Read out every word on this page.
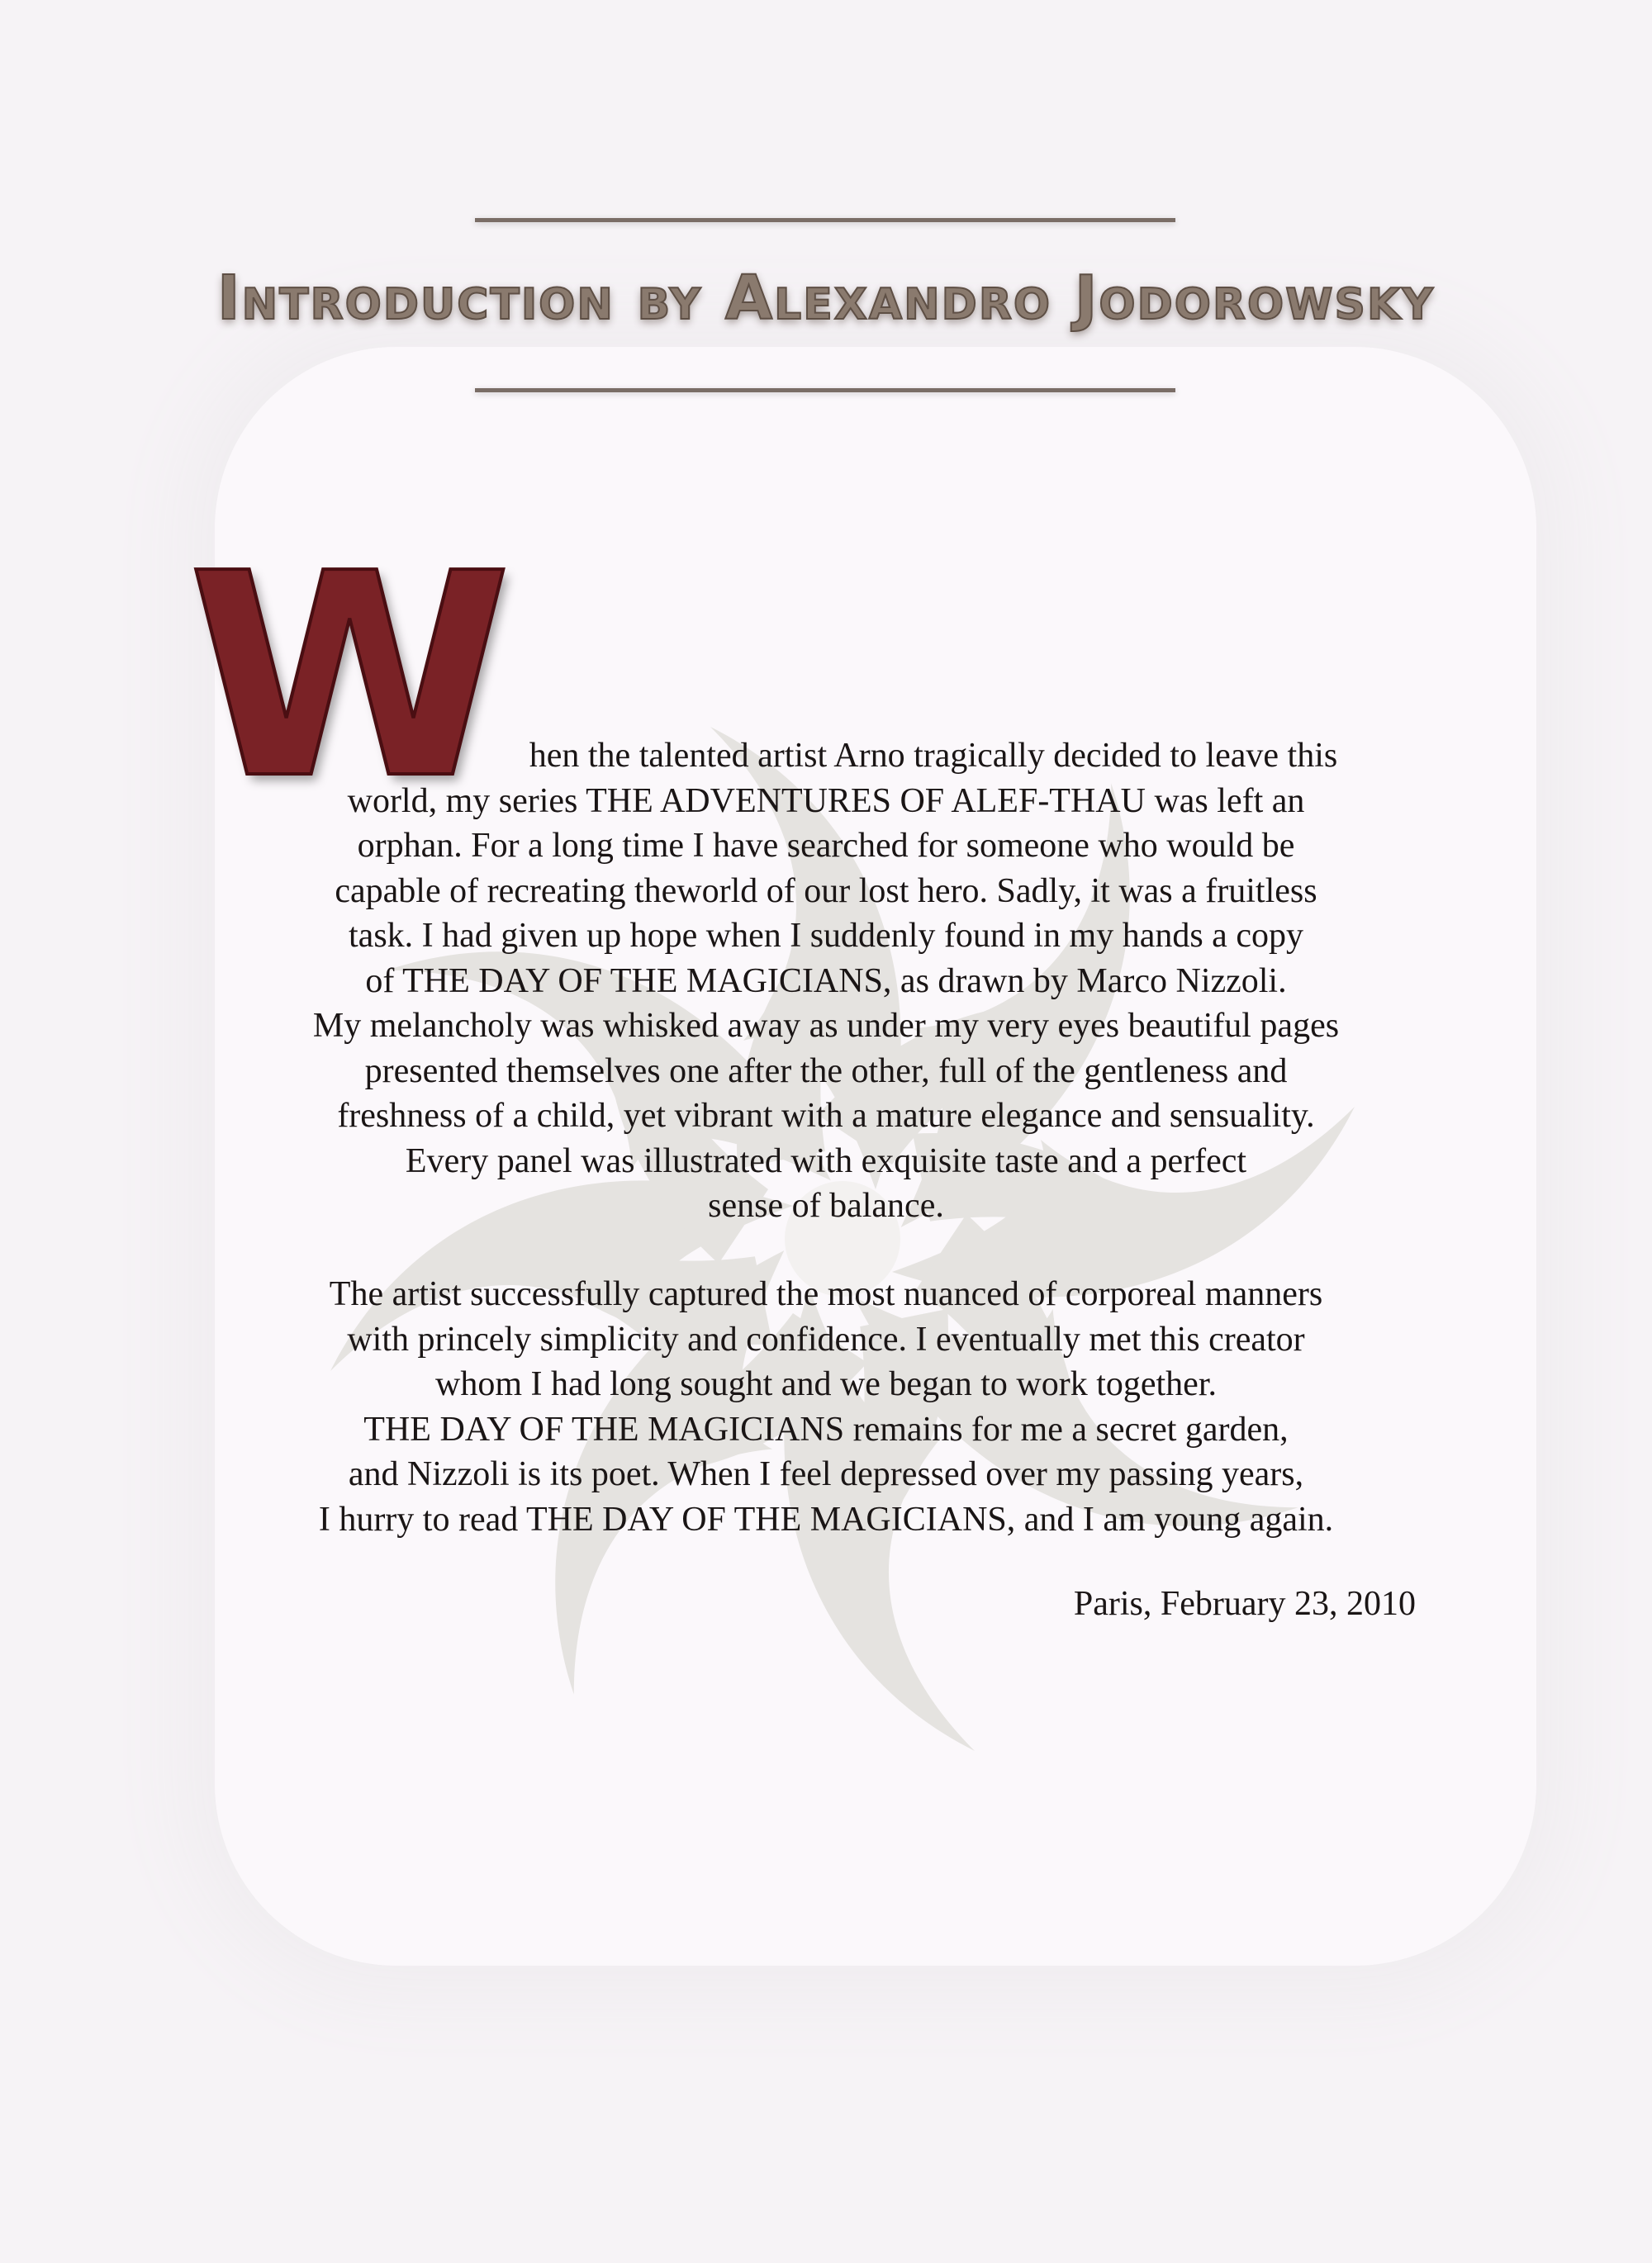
Introduction by Alexandro Jodorowsky
W hen the talented artist Arno tragically decided to leave this
world, my series THE ADVENTURES OF ALEF-THAU was left an
orphan. For a long time I have searched for someone who would be
capable of recreating theworld of our lost hero. Sadly, it was a fruitless
task. I had given up hope when I suddenly found in my hands a copy
of THE DAY OF THE MAGICIANS, as drawn by Marco Nizzoli.
My melancholy was whisked away as under my very eyes beautiful pages
presented themselves one after the other, full of the gentleness and
freshness of a child, yet vibrant with a mature elegance and sensuality.
Every panel was illustrated with exquisite taste and a perfect
sense of balance.
The artist successfully captured the most nuanced of corporeal manners
with princely simplicity and confidence. I eventually met this creator
whom I had long sought and we began to work together.
THE DAY OF THE MAGICIANS remains for me a secret garden,
and Nizzoli is its poet. When I feel depressed over my passing years,
I hurry to read THE DAY OF THE MAGICIANS, and I am young again.
Paris, February 23, 2010
